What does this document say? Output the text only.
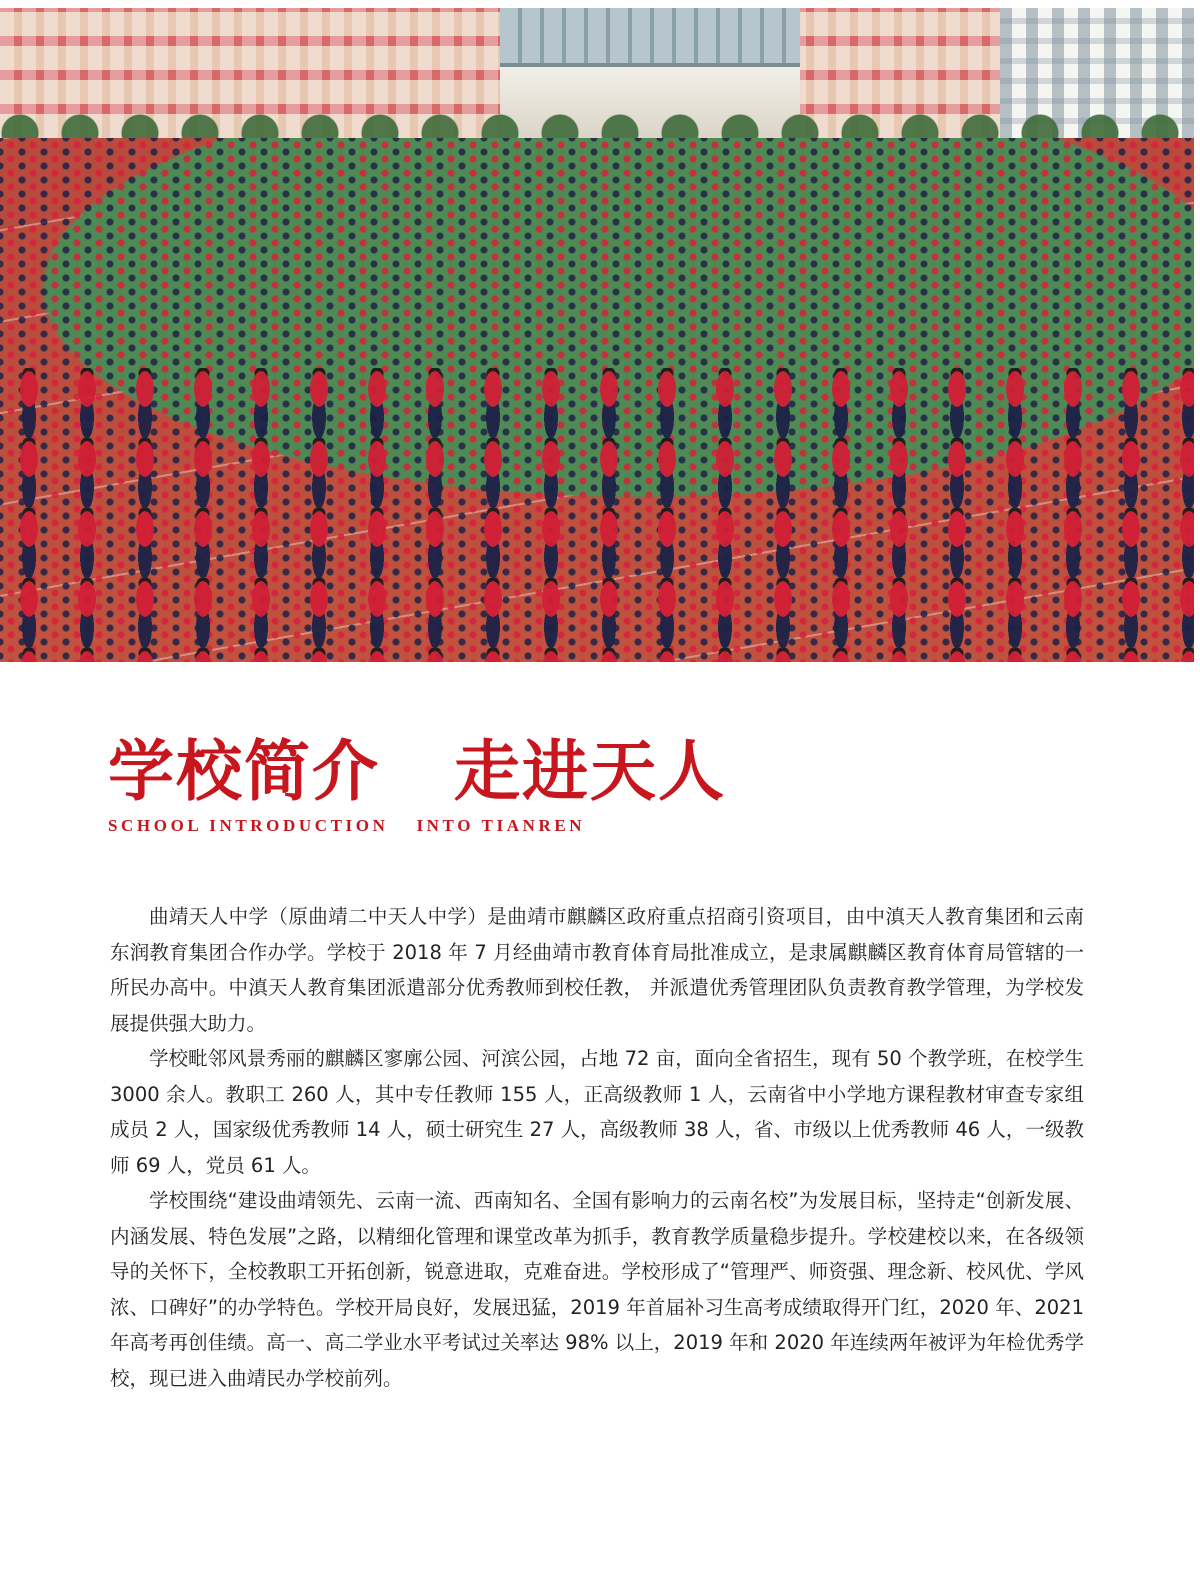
学校简介 走进天人
SCHOOL INTRODUCTION INTO TIANREN

曲靖天人中学（原曲靖二中天人中学）是曲靖市麒麟区政府重点招商引资项目，由中滇天人教育集团和云南东润教育集团合作办学。学校于 2018 年 7 月经曲靖市教育体育局批准成立，是隶属麒麟区教育体育局管辖的一所民办高中。中滇天人教育集团派遣部分优秀教师到校任教， 并派遣优秀管理团队负责教育教学管理，为学校发展提供强大助力。

学校毗邻风景秀丽的麒麟区寥廓公园、河滨公园，占地 72 亩，面向全省招生，现有 50 个教学班，在校学生 3000 余人。教职工 260 人，其中专任教师 155 人，正高级教师 1 人，云南省中小学地方课程教材审查专家组成员 2 人，国家级优秀教师 14 人，硕士研究生 27 人，高级教师 38 人，省、市级以上优秀教师 46 人，一级教师 69 人，党员 61 人。

学校围绕“建设曲靖领先、云南一流、西南知名、全国有影响力的云南名校”为发展目标，坚持走“创新发展、内涵发展、特色发展”之路，以精细化管理和课堂改革为抓手，教育教学质量稳步提升。学校建校以来，在各级领导的关怀下，全校教职工开拓创新，锐意进取，克难奋进。学校形成了“管理严、师资强、理念新、校风优、学风浓、口碑好”的办学特色。学校开局良好，发展迅猛，2019 年首届补习生高考成绩取得开门红，2020 年、2021 年高考再创佳绩。高一、高二学业水平考试过关率达 98% 以上，2019 年和 2020 年连续两年被评为年检优秀学校，现已进入曲靖民办学校前列。
